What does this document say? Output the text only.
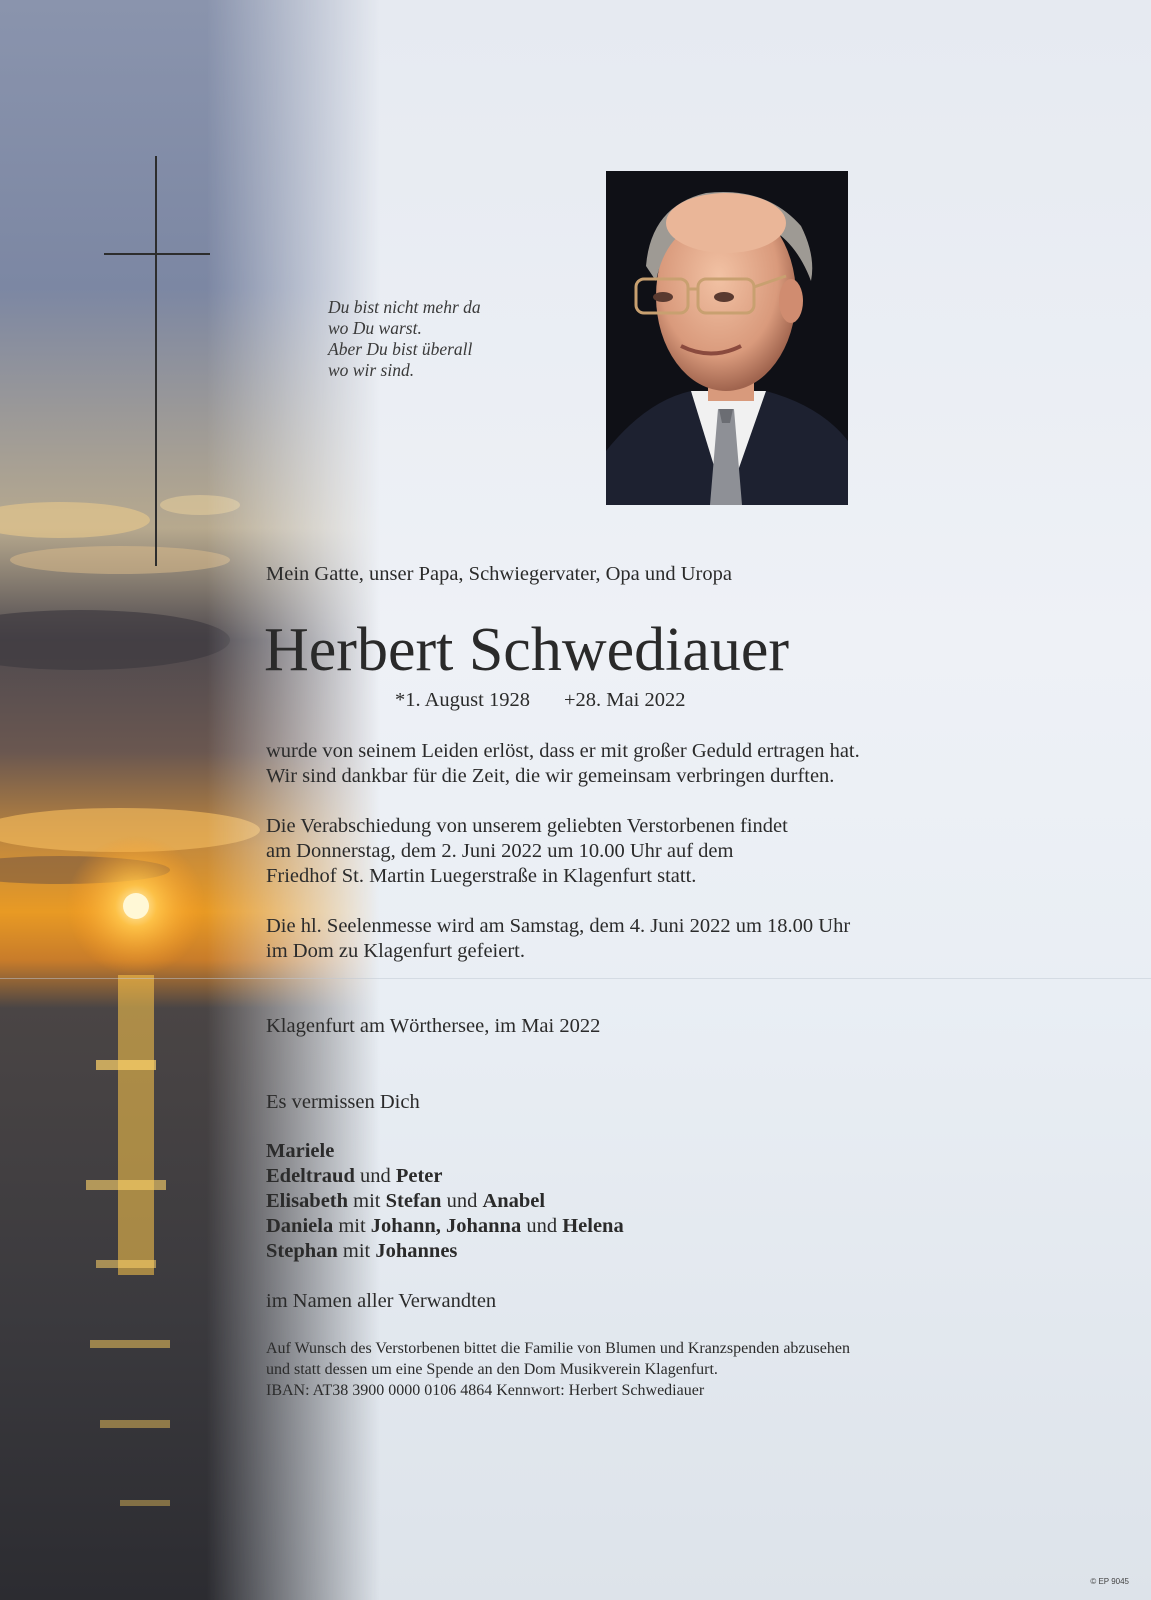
Du bist nicht mehr da
wo Du warst.
Aber Du bist überall
wo wir sind.

Mein Gatte, unser Papa, Schwiegervater, Opa und Uropa

Herbert Schwediauer

*1. August 1928 +28. Mai 2022

wurde von seinem Leiden erlöst, dass er mit großer Geduld ertragen hat.
Wir sind dankbar für die Zeit, die wir gemeinsam verbringen durften.
Die Verabschiedung von unserem geliebten Verstorbenen findet
am Donnerstag, dem 2. Juni 2022 um 10.00 Uhr auf dem
Friedhof St. Martin Luegerstraße in Klagenfurt statt.
Die hl. Seelenmesse wird am Samstag, dem 4. Juni 2022 um 18.00 Uhr
im Dom zu Klagenfurt gefeiert.

Klagenfurt am Wörthersee, im Mai 2022

Es vermissen Dich

Mariele
Edeltraud und Peter
Elisabeth mit Stefan und Anabel
Daniela mit Johann, Johanna und Helena
Stephan mit Johannes

im Namen aller Verwandten

Auf Wunsch des Verstorbenen bittet die Familie von Blumen und Kranzspenden abzusehen
und statt dessen um eine Spende an den Dom Musikverein Klagenfurt.
IBAN: AT38 3900 0000 0106 4864 Kennwort: Herbert Schwediauer
© EP 9045
